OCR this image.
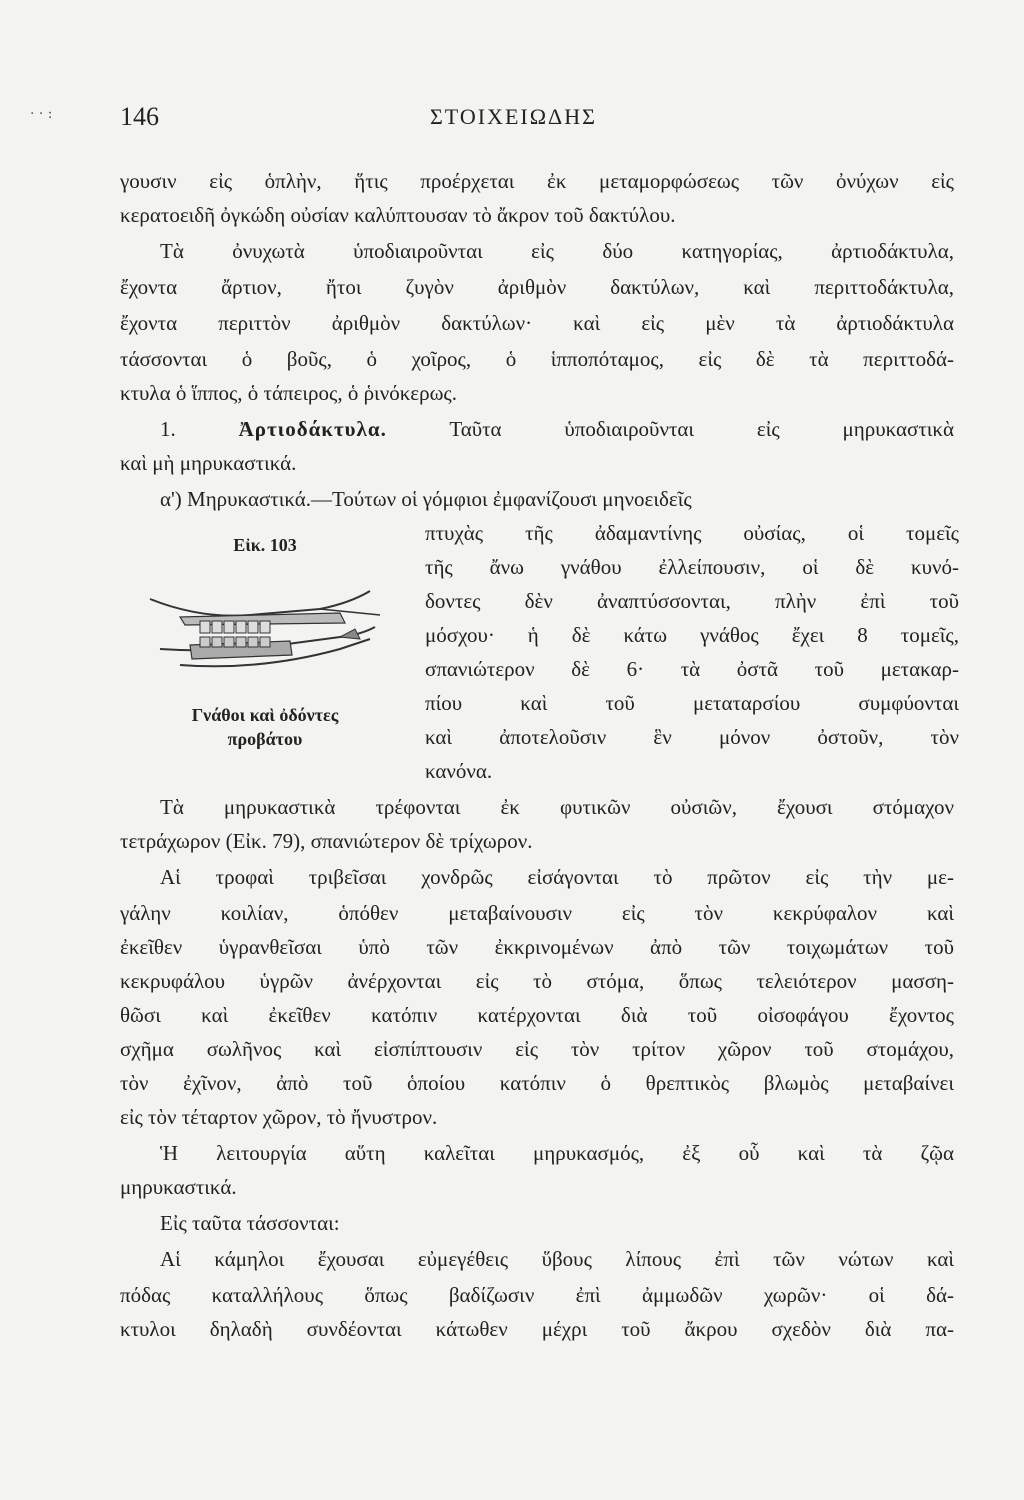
· · :	146	ΣΤΟΙΧΕΙΩΔΗΣ
γουσιν εἰς ὁπλὴν, ἥτις προέρχεται ἐκ μεταμορφώσεως τῶν ὀνύχων εἰς
κερατοειδῆ ὀγκώδη οὐσίαν καλύπτουσαν τὸ ἄκρον τοῦ δακτύλου.
Τὰ ὀνυχωτὰ ὑποδιαιροῦνται εἰς δύο κατηγορίας, ἀρτιοδάκτυλα,
ἔχοντα ἄρτιον, ἤτοι ζυγὸν ἀριθμὸν δακτύλων, καὶ περιττοδάκτυλα,
ἔχοντα περιττὸν ἀριθμὸν δακτύλων· καὶ εἰς μὲν τὰ ἀρτιοδάκτυλα
τάσσονται ὁ βοῦς, ὁ χοῖρος, ὁ ἱπποπόταμος, εἰς δὲ τὰ περιττοδά-
κτυλα ὁ ἵππος, ὁ τάπειρος, ὁ ῥινόκερως.
1.	Ἀρτιοδάκτυλα.	Ταῦτα ὑποδιαιροῦνται εἰς μηρυκαστικὰ
καὶ μὴ μηρυκαστικά.
α') Μηρυκαστικά.—Τούτων οἱ γόμφιοι ἐμφανίζουσι μηνοειδεῖς
πτυχὰς τῆς ἀδαμαντίνης οὐσίας, οἱ τομεῖς
τῆς ἄνω γνάθου ἐλλείπουσιν, οἱ δὲ κυνό-
δοντες δὲν ἀναπτύσσονται, πλὴν ἐπὶ τοῦ
μόσχου· ἡ δὲ κάτω γνάθος ἔχει 8 τομεῖς,
σπανιώτερον δὲ 6· τὰ ὀστᾶ τοῦ μετακαρ-
πίου καὶ τοῦ μεταταρσίου συμφύονται
καὶ ἀποτελοῦσιν ἓν μόνον ὀστοῦν, τὸν
κανόνα.
Εἰκ. 103
Γνάθοι καὶ ὀδόντες
προβάτου
Τὰ μηρυκαστικὰ τρέφονται ἐκ φυτικῶν οὐσιῶν, ἔχουσι στόμαχον
τετράχωρον (Εἰκ. 79), σπανιώτερον δὲ τρίχωρον.
Αἱ τροφαὶ τριβεῖσαι χονδρῶς εἰσάγονται τὸ πρῶτον εἰς τὴν με-
γάλην κοιλίαν, ὁπόθεν μεταβαίνουσιν εἰς τὸν κεκρύφαλον καὶ
ἐκεῖθεν ὑγρανθεῖσαι ὑπὸ τῶν ἐκκρινομένων ἀπὸ τῶν τοιχωμάτων τοῦ
κεκρυφάλου ὑγρῶν ἀνέρχονται εἰς τὸ στόμα, ὅπως τελειότερον μασση-
θῶσι καὶ ἐκεῖθεν κατόπιν κατέρχονται διὰ τοῦ οἰσοφάγου ἔχοντος
σχῆμα σωλῆνος καὶ εἰσπίπτουσιν εἰς τὸν τρίτον χῶρον τοῦ στομάχου,
τὸν ἐχῖνον, ἀπὸ τοῦ ὁποίου κατόπιν ὁ θρεπτικὸς βλωμὸς μεταβαίνει
εἰς τὸν τέταρτον χῶρον, τὸ ἤνυστρον.
Ἡ λειτουργία αὕτη καλεῖται μηρυκασμός, ἐξ οὗ καὶ τὰ ζῷα
μηρυκαστικά.
Εἰς ταῦτα τάσσονται:
Αἱ κάμηλοι ἔχουσαι εὐμεγέθεις ὕβους λίπους ἐπὶ τῶν νώτων καὶ
πόδας καταλλήλους ὅπως βαδίζωσιν ἐπὶ ἀμμωδῶν χωρῶν· οἱ δά-
κτυλοι δηλαδὴ συνδέονται κάτωθεν μέχρι τοῦ ἄκρου σχεδὸν διὰ πα-
